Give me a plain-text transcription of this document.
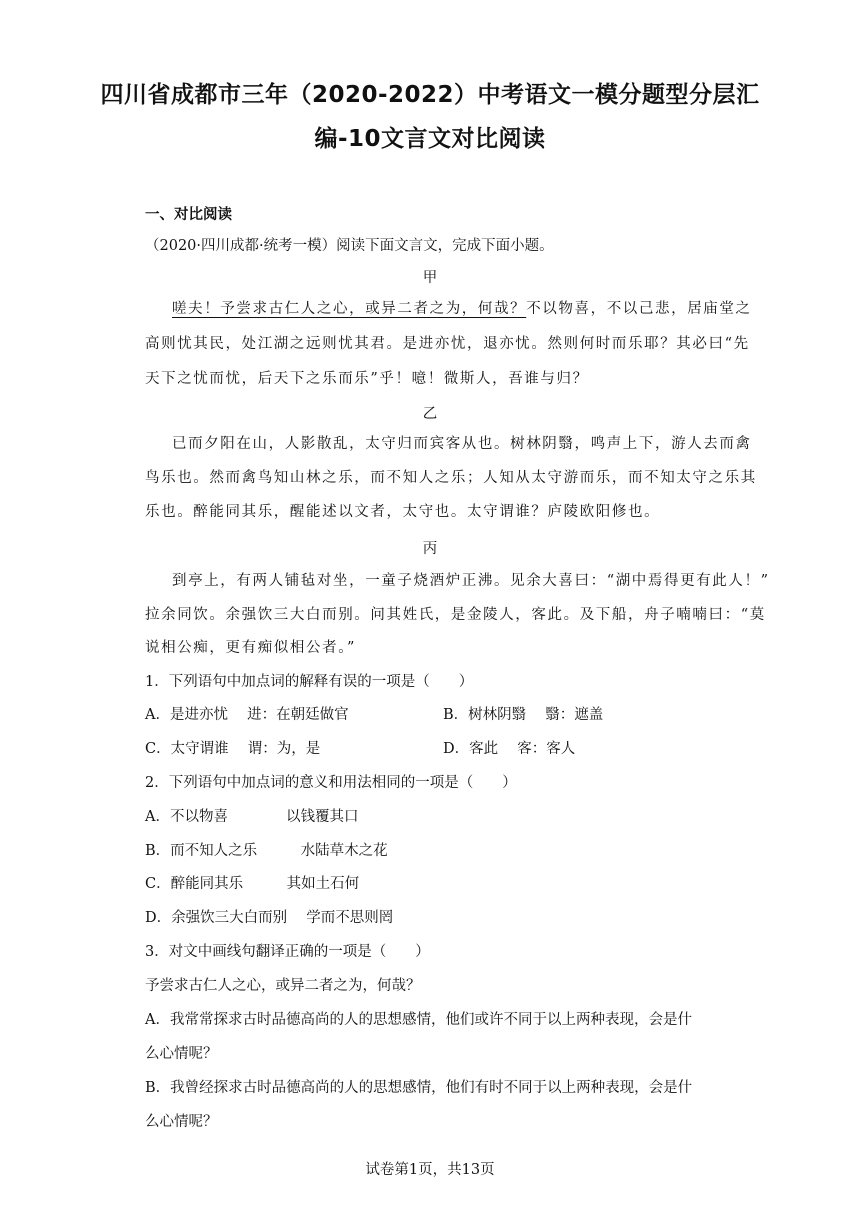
四川省成都市三年（2020-2022）中考语文一模分题型分层汇
编-10文言文对比阅读
一、对比阅读
（2020·四川成都·统考一模）阅读下面文言文，完成下面小题。
甲
嗟夫！予尝求古仁人之心，或异二者之为，何哉？不以物喜，不以己悲，居庙堂之
高则忧其民，处江湖之远则忧其君。是进亦忧，退亦忧。然则何时而乐耶？其必曰“先
天下之忧而忧，后天下之乐而乐”乎！噫！微斯人，吾谁与归？
乙
已而夕阳在山，人影散乱，太守归而宾客从也。树林阴翳，鸣声上下，游人去而禽
鸟乐也。然而禽鸟知山林之乐，而不知人之乐；人知从太守游而乐，而不知太守之乐其
乐也。醉能同其乐，醒能述以文者，太守也。太守谓谁？庐陵欧阳修也。
丙
到亭上，有两人铺毡对坐，一童子烧酒炉正沸。见余大喜曰：“湖中焉得更有此人！”
拉余同饮。余强饮三大白而别。问其姓氏，是金陵人，客此。及下船，舟子喃喃曰：“莫
说相公痴，更有痴似相公者。”
1．下列语句中加点词的解释有误的一项是（　　）
A．是进亦忧　 进：在朝廷做官	B．树林阴翳　 翳：遮盖
C．太守谓谁　 谓：为，是	D．客此　 客：客人
2．下列语句中加点词的意义和用法相同的一项是（　　）
A．不以物喜　　　　以钱覆其口
B．而不知人之乐　　　水陆草木之花
C．醉能同其乐　　　其如土石何
D．余强饮三大白而别　 学而不思则罔
3．对文中画线句翻译正确的一项是（　　）
予尝求古仁人之心，或异二者之为，何哉？
A．我常常探求古时品德高尚的人的思想感情，他们或许不同于以上两种表现，会是什
么心情呢？
B．我曾经探求古时品德高尚的人的思想感情，他们有时不同于以上两种表现，会是什
么心情呢？
试卷第1页，共13页
